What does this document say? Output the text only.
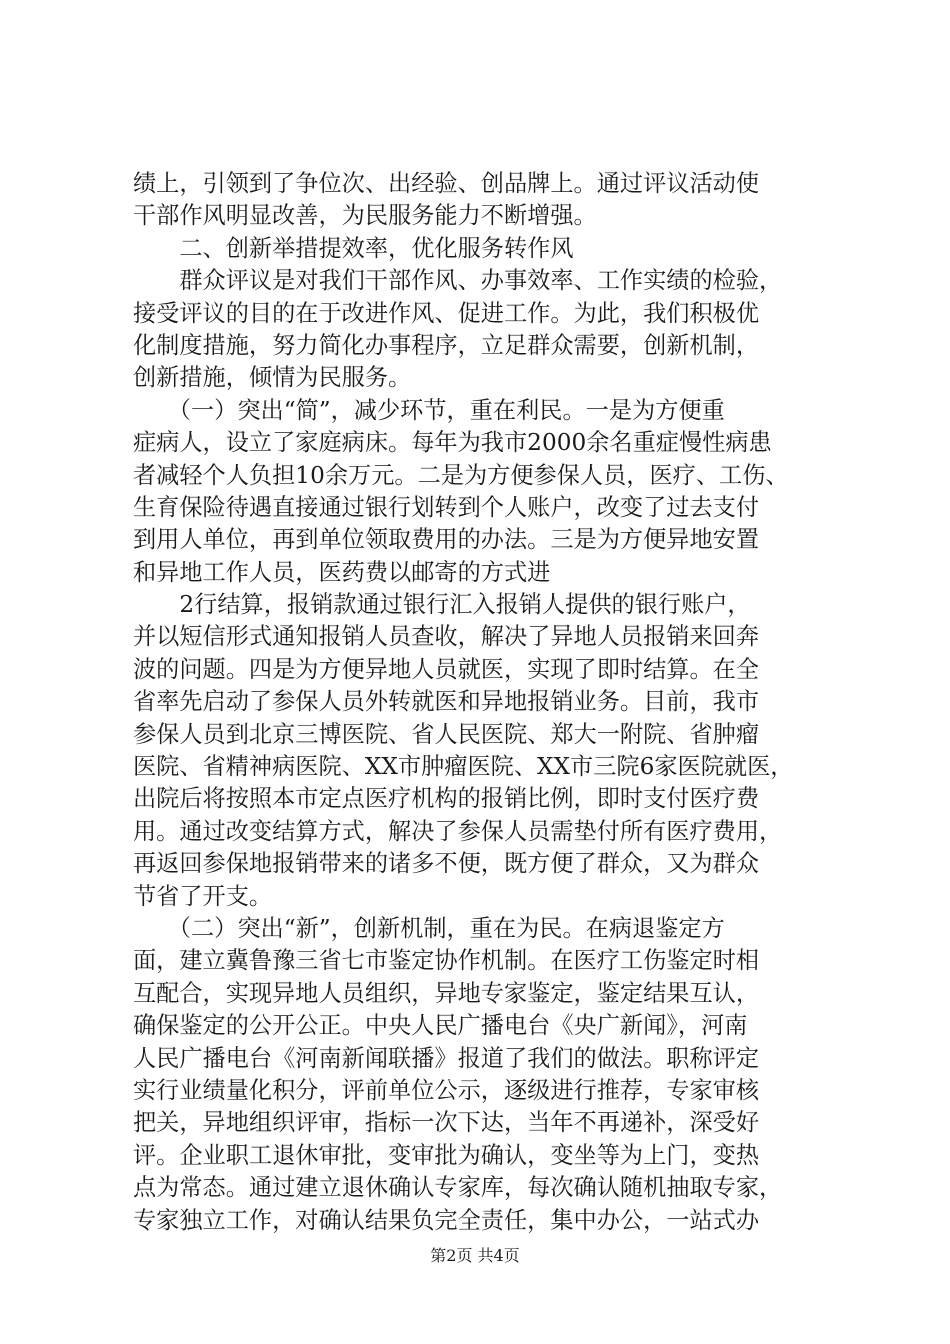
绩上，引领到了争位次、出经验、创品牌上。通过评议活动使
干部作风明显改善，为民服务能力不断增强。
　　二、创新举措提效率，优化服务转作风
　　群众评议是对我们干部作风、办事效率、工作实绩的检验，
接受评议的目的在于改进作风、促进工作。为此，我们积极优
化制度措施，努力简化办事程序，立足群众需要，创新机制，
创新措施，倾情为民服务。
　　（一）突出“简”，减少环节，重在利民。一是为方便重
症病人，设立了家庭病床。每年为我市2000余名重症慢性病患
者减轻个人负担10余万元。二是为方便参保人员，医疗、工伤、
生育保险待遇直接通过银行划转到个人账户，改变了过去支付
到用人单位，再到单位领取费用的办法。三是为方便异地安置
和异地工作人员，医药费以邮寄的方式进
　　2行结算，报销款通过银行汇入报销人提供的银行账户，
并以短信形式通知报销人员查收，解决了异地人员报销来回奔
波的问题。四是为方便异地人员就医，实现了即时结算。在全
省率先启动了参保人员外转就医和异地报销业务。目前，我市
参保人员到北京三博医院、省人民医院、郑大一附院、省肿瘤
医院、省精神病医院、XX市肿瘤医院、XX市三院6家医院就医，
出院后将按照本市定点医疗机构的报销比例，即时支付医疗费
用。通过改变结算方式，解决了参保人员需垫付所有医疗费用，
再返回参保地报销带来的诸多不便，既方便了群众，又为群众
节省了开支。
　　（二）突出“新”，创新机制，重在为民。在病退鉴定方
面，建立冀鲁豫三省七市鉴定协作机制。在医疗工伤鉴定时相
互配合，实现异地人员组织，异地专家鉴定，鉴定结果互认，
确保鉴定的公开公正。中央人民广播电台《央广新闻》，河南
人民广播电台《河南新闻联播》报道了我们的做法。职称评定
实行业绩量化积分，评前单位公示，逐级进行推荐，专家审核
把关，异地组织评审，指标一次下达，当年不再递补，深受好
评。企业职工退休审批，变审批为确认，变坐等为上门，变热
点为常态。通过建立退休确认专家库，每次确认随机抽取专家，
专家独立工作，对确认结果负完全责任，集中办公，一站式办
第2页 共4页
